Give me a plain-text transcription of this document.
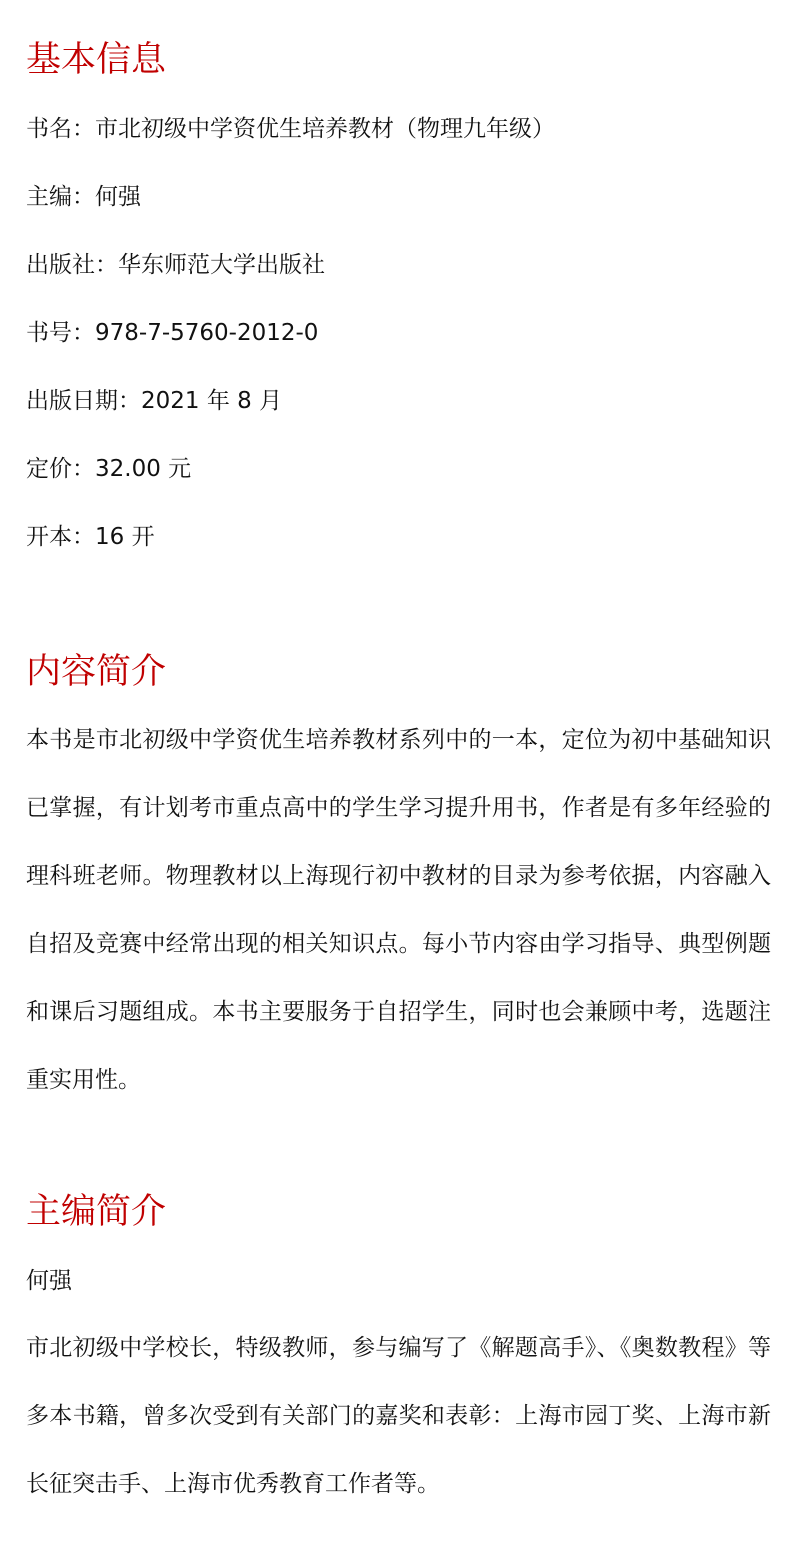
基本信息

书名：市北初级中学资优生培养教材（物理九年级）

主编：何强

出版社：华东师范大学出版社

书号：978-7-5760-2012-0

出版日期：2021 年 8 月

定价：32.00 元

开本：16 开

内容简介

本书是市北初级中学资优生培养教材系列中的一本，定位为初中基础知识已掌握，有计划考市重点高中的学生学习提升用书，作者是有多年经验的理科班老师。物理教材以上海现行初中教材的目录为参考依据，内容融入自招及竞赛中经常出现的相关知识点。每小节内容由学习指导、典型例题和课后习题组成。本书主要服务于自招学生，同时也会兼顾中考，选题注重实用性。

主编简介

何强

市北初级中学校长，特级教师，参与编写了《解题高手》、《奥数教程》等多本书籍，曾多次受到有关部门的嘉奖和表彰：上海市园丁奖、上海市新长征突击手、上海市优秀教育工作者等。
